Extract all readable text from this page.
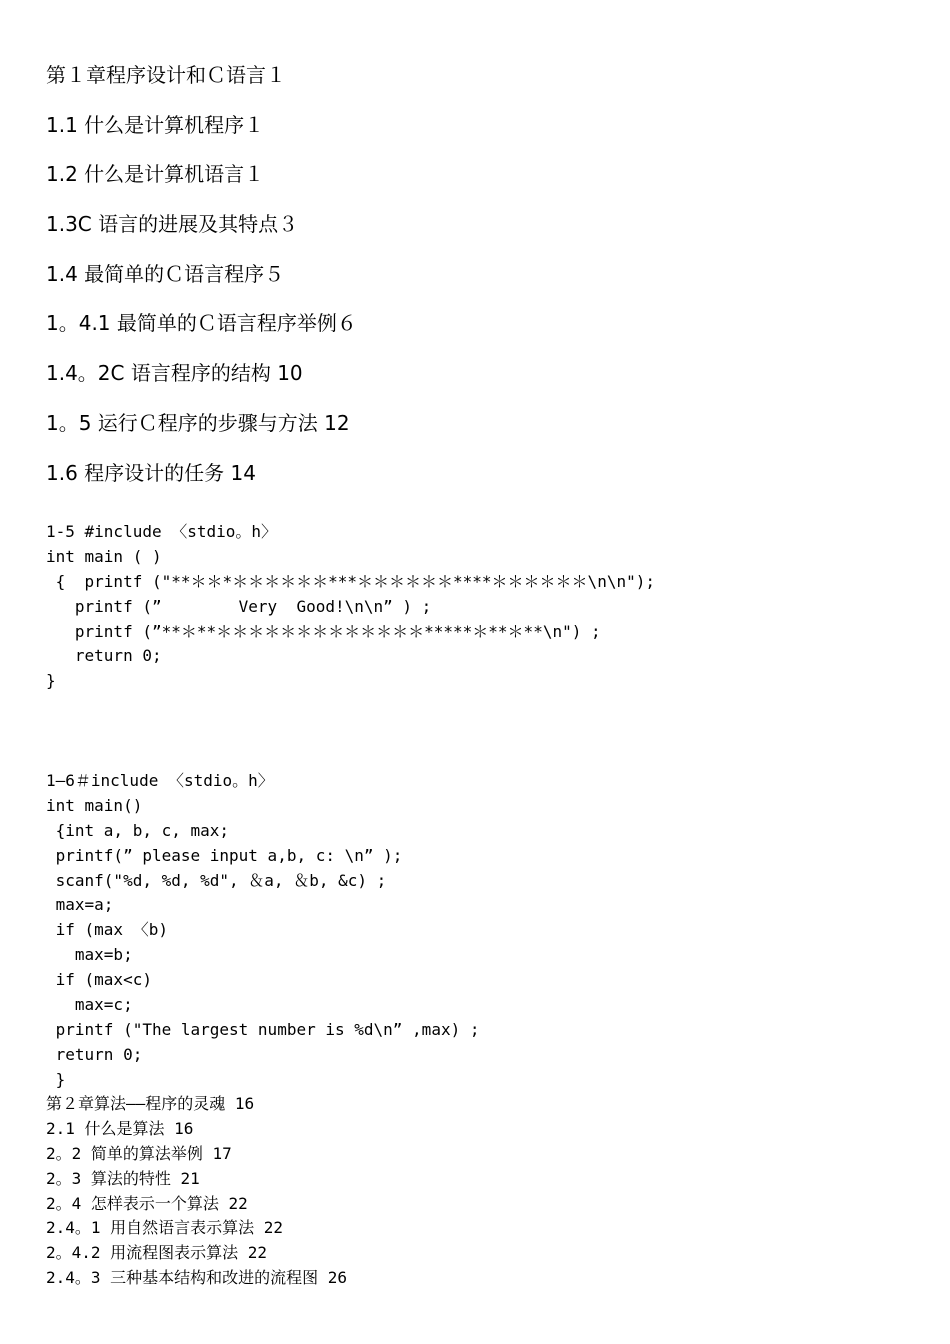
第１章程序设计和Ｃ语言１
1.1 什么是计算机程序１
1.2 什么是计算机语言１
1.3C 语言的进展及其特点３
1.4 最简单的Ｃ语言程序５
1。4.1 最简单的Ｃ语言程序举例６
1.4。2C 语言程序的结构 10
1。5 运行Ｃ程序的步骤与方法 12
1.6 程序设计的任务 14
1-5 #include 〈stdio。h〉
int main ( )
{  printf ("**＊＊*＊＊＊＊＊＊***＊＊＊＊＊＊****＊＊＊＊＊＊\n\n");
printf (”        Very  Good!\n\n” ) ;
printf (”**＊**＊＊＊＊＊＊＊＊＊＊＊＊＊*****＊**＊**\n") ;
return 0;
}
1—6＃include 〈stdio。h〉
int main()
{int a, b, c, max;
printf(” please input a,b, c: \n” );
scanf("%d, %d, %d", ＆a, ＆b, &c) ;
max=a;
if (max 〈b)
max=b;
if (max<c)
max=c;
printf ("The largest number is %d\n” ,max) ;
return 0;
}
第２章算法——程序的灵魂 16
2.1 什么是算法 16
2。2 简单的算法举例 17
2。3 算法的特性 21
2。4 怎样表示一个算法 22
2.4。1 用自然语言表示算法 22
2。4.2 用流程图表示算法 22
2.4。3 三种基本结构和改进的流程图 26
